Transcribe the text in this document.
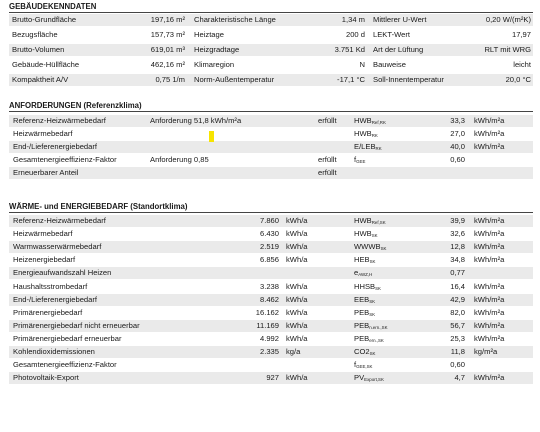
GEBÄUDEKENNDATEN
Brutto-Grundfläche	197,16 m² Charakteristische Länge	1,34 m Mittlerer U-Wert	0,20 W/(m²K)
Bezugsfläche	157,73 m² Heiztage	200 d LEKT-Wert	17,97
Brutto-Volumen	619,01 m³ Heizgradtage	3.751 Kd Art der Lüftung	RLT mit WRG
Gebäude-Hüllfläche	462,16 m² Klimaregion	N Bauweise	leicht
Kompaktheit A/V	0,75 1/m Norm-Außentemperatur	-17,1 °C Soll-Innentemperatur	20,0 °C
ANFORDERUNGEN (Referenzklima)
Referenz-Heizwärmebedarf	Anforderung 51,8 kWh/m²a	erfüllt $HWB_{Ref,RK}$	33,3 kWh/m²a
Heizwärmebedarf	$HWB_{RK}$	27,0 kWh/m²a
End-/Lieferenergiebedarf	$E/LEB_{RK}$	40,0 kWh/m²a
Gesamtenergieeffizienz-Faktor	Anforderung 0,85	erfüllt $f_{GEE}$	0,60
Erneuerbarer Anteil	erfüllt
WÄRME- und ENERGIEBEDARF (Standortklima)
Referenz-Heizwärmebedarf	7.860 kWh/a	$HWB_{Ref,SK}$	39,9 kWh/m²a
Heizwärmebedarf	6.430 kWh/a	$HWB_{SK}$	32,6 kWh/m²a
Warmwasserwärmebedarf	2.519 kWh/a	$WWWB_{SK}$	12,8 kWh/m²a
Heizenergiebedarf	6.856 kWh/a	$HEB_{SK}$	34,8 kWh/m²a
Energieaufwandszahl Heizen	$e_{AWZ,H}$	0,77
Haushaltsstrombedarf	3.238 kWh/a	$HHSB_{SK}$	16,4 kWh/m²a
End-/Lieferenergiebedarf	8.462 kWh/a	$EEB_{SK}$	42,9 kWh/m²a
Primärenergiebedarf	16.162 kWh/a	$PEB_{SK}$	82,0 kWh/m²a
Primärenergiebedarf nicht erneuerbar	11.169 kWh/a	$PEB_{n.ern.,SK}$	56,7 kWh/m²a
Primärenergiebedarf erneuerbar	4.992 kWh/a	$PEB_{ern.,SK}$	25,3 kWh/m²a
Kohlendioxidemissionen	2.335 kg/a	$CO2_{SK}$	11,8 kg/m²a
Gesamtenergieeffizienz-Faktor	$f_{GEE,SK}$	0,60
Photovoltaik-Export	927 kWh/a	$PV_{Export,SK}$	4,7 kWh/m²a
